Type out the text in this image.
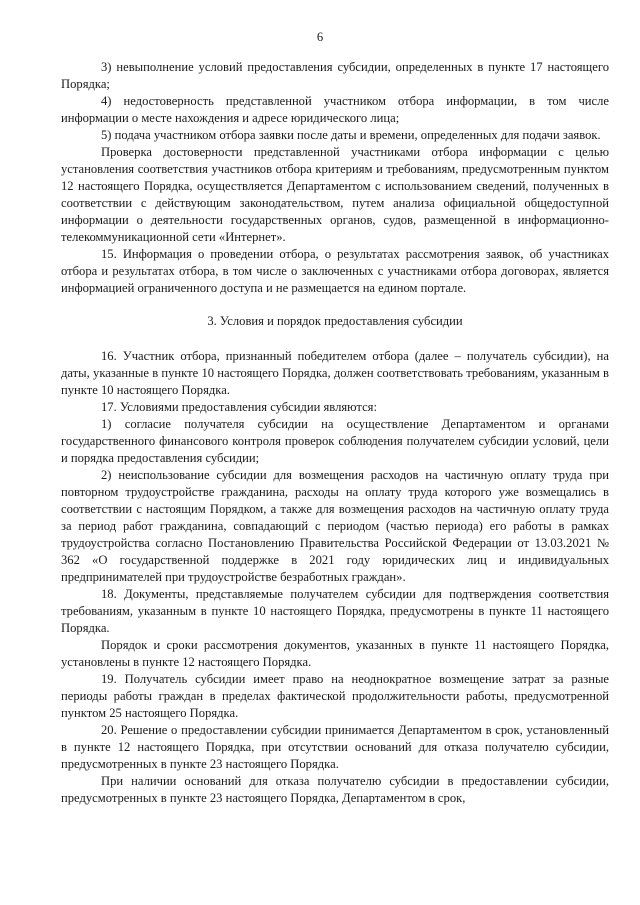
6

3) невыполнение условий предоставления субсидии, определенных в пункте 17 настоящего Порядка;

4) недостоверность представленной участником отбора информации, в том числе информации о месте нахождения и адресе юридического лица;

5) подача участником отбора заявки после даты и времени, определенных для подачи заявок.

Проверка достоверности представленной участниками отбора информации с целью установления соответствия участников отбора критериям и требованиям, предусмотренным пунктом 12 настоящего Порядка, осуществляется Департаментом с использованием сведений, полученных в соответствии с действующим законодательством, путем анализа официальной общедоступной информации о деятельности государственных органов, судов, размещенной в информационно-телекоммуникационной сети «Интернет».

15. Информация о проведении отбора, о результатах рассмотрения заявок, об участниках отбора и результатах отбора, в том числе о заключенных с участниками отбора договорах, является информацией ограниченного доступа и не размещается на едином портале.

3. Условия и порядок предоставления субсидии

16. Участник отбора, признанный победителем отбора (далее – получатель субсидии), на даты, указанные в пункте 10 настоящего Порядка, должен соответствовать требованиям, указанным в пункте 10 настоящего Порядка.

17. Условиями предоставления субсидии являются:

1) согласие получателя субсидии на осуществление Департаментом и органами государственного финансового контроля проверок соблюдения получателем субсидии условий, цели и порядка предоставления субсидии;

2) неиспользование субсидии для возмещения расходов на частичную оплату труда при повторном трудоустройстве гражданина, расходы на оплату труда которого уже возмещались в соответствии с настоящим Порядком, а также для возмещения расходов на частичную оплату труда за период работ гражданина, совпадающий с периодом (частью периода) его работы в рамках трудоустройства согласно Постановлению Правительства Российской Федерации от 13.03.2021 № 362 «О государственной поддержке в 2021 году юридических лиц и индивидуальных предпринимателей при трудоустройстве безработных граждан».

18. Документы, представляемые получателем субсидии для подтверждения соответствия требованиям, указанным в пункте 10 настоящего Порядка, предусмотрены в пункте 11 настоящего Порядка.

Порядок и сроки рассмотрения документов, указанных в пункте 11 настоящего Порядка, установлены в пункте 12 настоящего Порядка.

19. Получатель субсидии имеет право на неоднократное возмещение затрат за разные периоды работы граждан в пределах фактической продолжительности работы, предусмотренной пунктом 25 настоящего Порядка.

20. Решение о предоставлении субсидии принимается Департаментом в срок, установленный в пункте 12 настоящего Порядка, при отсутствии оснований для отказа получателю субсидии, предусмотренных в пункте 23 настоящего Порядка.

При наличии оснований для отказа получателю субсидии в предоставлении субсидии, предусмотренных в пункте 23 настоящего Порядка, Департаментом в срок,
